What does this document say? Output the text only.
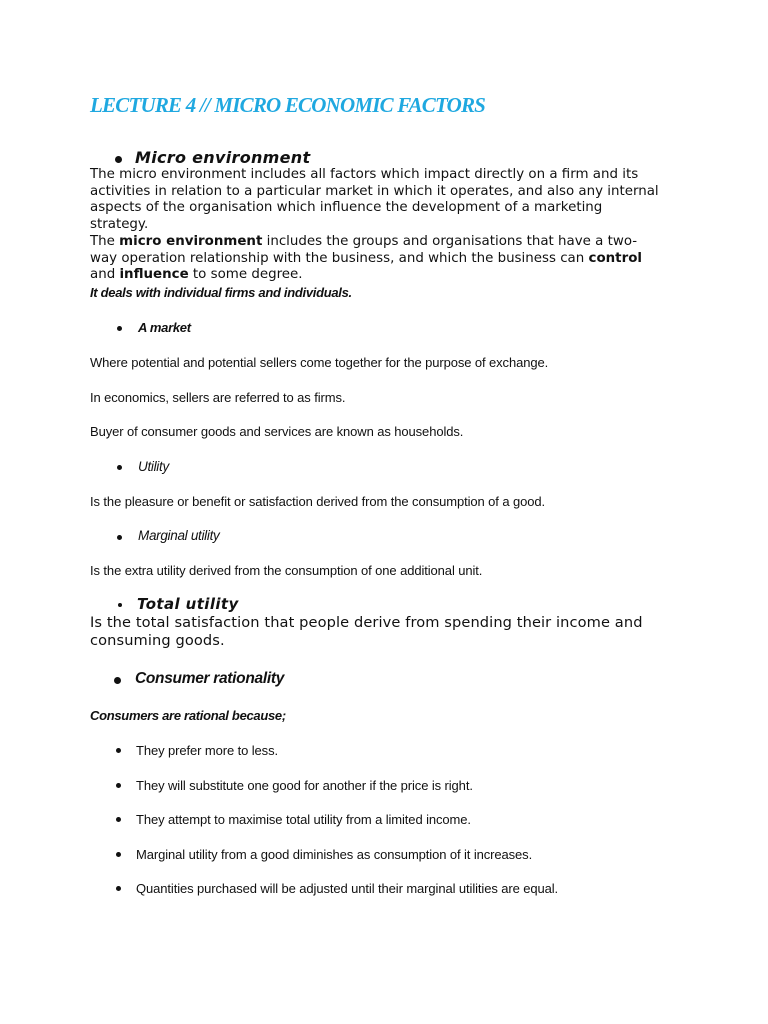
LECTURE 4 // MICRO ECONOMIC FACTORS
Micro environment
The micro environment includes all factors which impact directly on a firm and its
activities in relation to a particular market in which it operates, and also any internal
aspects of the organisation which influence the development of a marketing
strategy.
The micro environment includes the groups and organisations that have a two-
way operation relationship with the business, and which the business can control
and influence to some degree.
It deals with individual firms and individuals.
A market
Where potential and potential sellers come together for the purpose of exchange.
In economics, sellers are referred to as firms.
Buyer of consumer goods and services are known as households.
Utility
Is the pleasure or benefit or satisfaction derived from the consumption of a good.
Marginal utility
Is the extra utility derived from the consumption of one additional unit.
Total utility
Is the total satisfaction that people derive from spending their income and
consuming goods.
Consumer rationality
Consumers are rational because;
They prefer more to less.
They will substitute one good for another if the price is right.
They attempt to maximise total utility from a limited income.
Marginal utility from a good diminishes as consumption of it increases.
Quantities purchased will be adjusted until their marginal utilities are equal.
